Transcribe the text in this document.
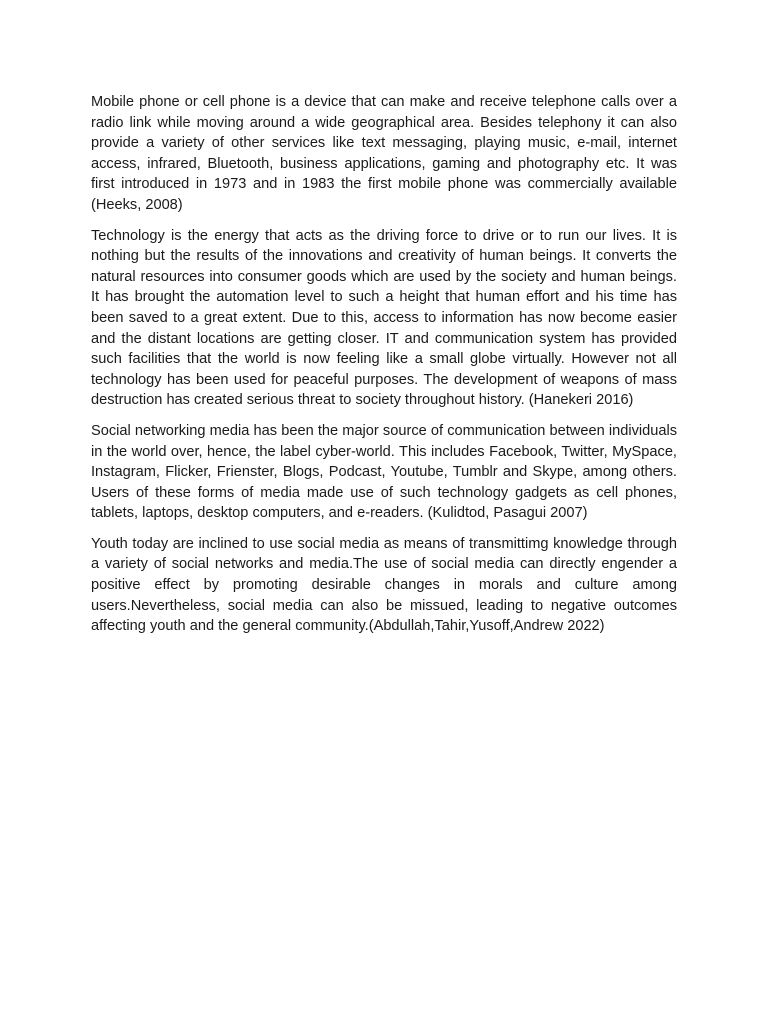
Mobile phone or cell phone is a device that can make and receive telephone calls over a radio link while moving around a wide geographical area. Besides telephony it can also provide a variety of other services like text messaging, playing music, e-mail, internet access, infrared, Bluetooth, business applications, gaming and photography etc. It was first introduced in 1973 and in 1983 the first mobile phone was commercially available (Heeks, 2008)

Technology is the energy that acts as the driving force to drive or to run our lives. It is nothing but the results of the innovations and creativity of human beings. It converts the natural resources into consumer goods which are used by the society and human beings. It has brought the automation level to such a height that human effort and his time has been saved to a great extent. Due to this, access to information has now become easier and the distant locations are getting closer. IT and communication system has provided such facilities that the world is now feeling like a small globe virtually. However not all technology has been used for peaceful purposes. The development of weapons of mass destruction has created serious threat to society throughout history. (Hanekeri 2016)

Social networking media has been the major source of communication between individuals in the world over, hence, the label cyber-world. This includes Facebook, Twitter, MySpace, Instagram, Flicker, Frienster, Blogs, Podcast, Youtube, Tumblr and Skype, among others. Users of these forms of media made use of such technology gadgets as cell phones, tablets, laptops, desktop computers, and e-readers. (Kulidtod, Pasagui 2007)

Youth today are inclined to use social media as means of transmittimg knowledge through a variety of social networks and media.The use of social media can directly engender a positive effect by promoting desirable changes in morals and culture among users.Nevertheless, social media can also be missued, leading to negative outcomes affecting youth and the general community.(Abdullah,Tahir,Yusoff,Andrew 2022)
